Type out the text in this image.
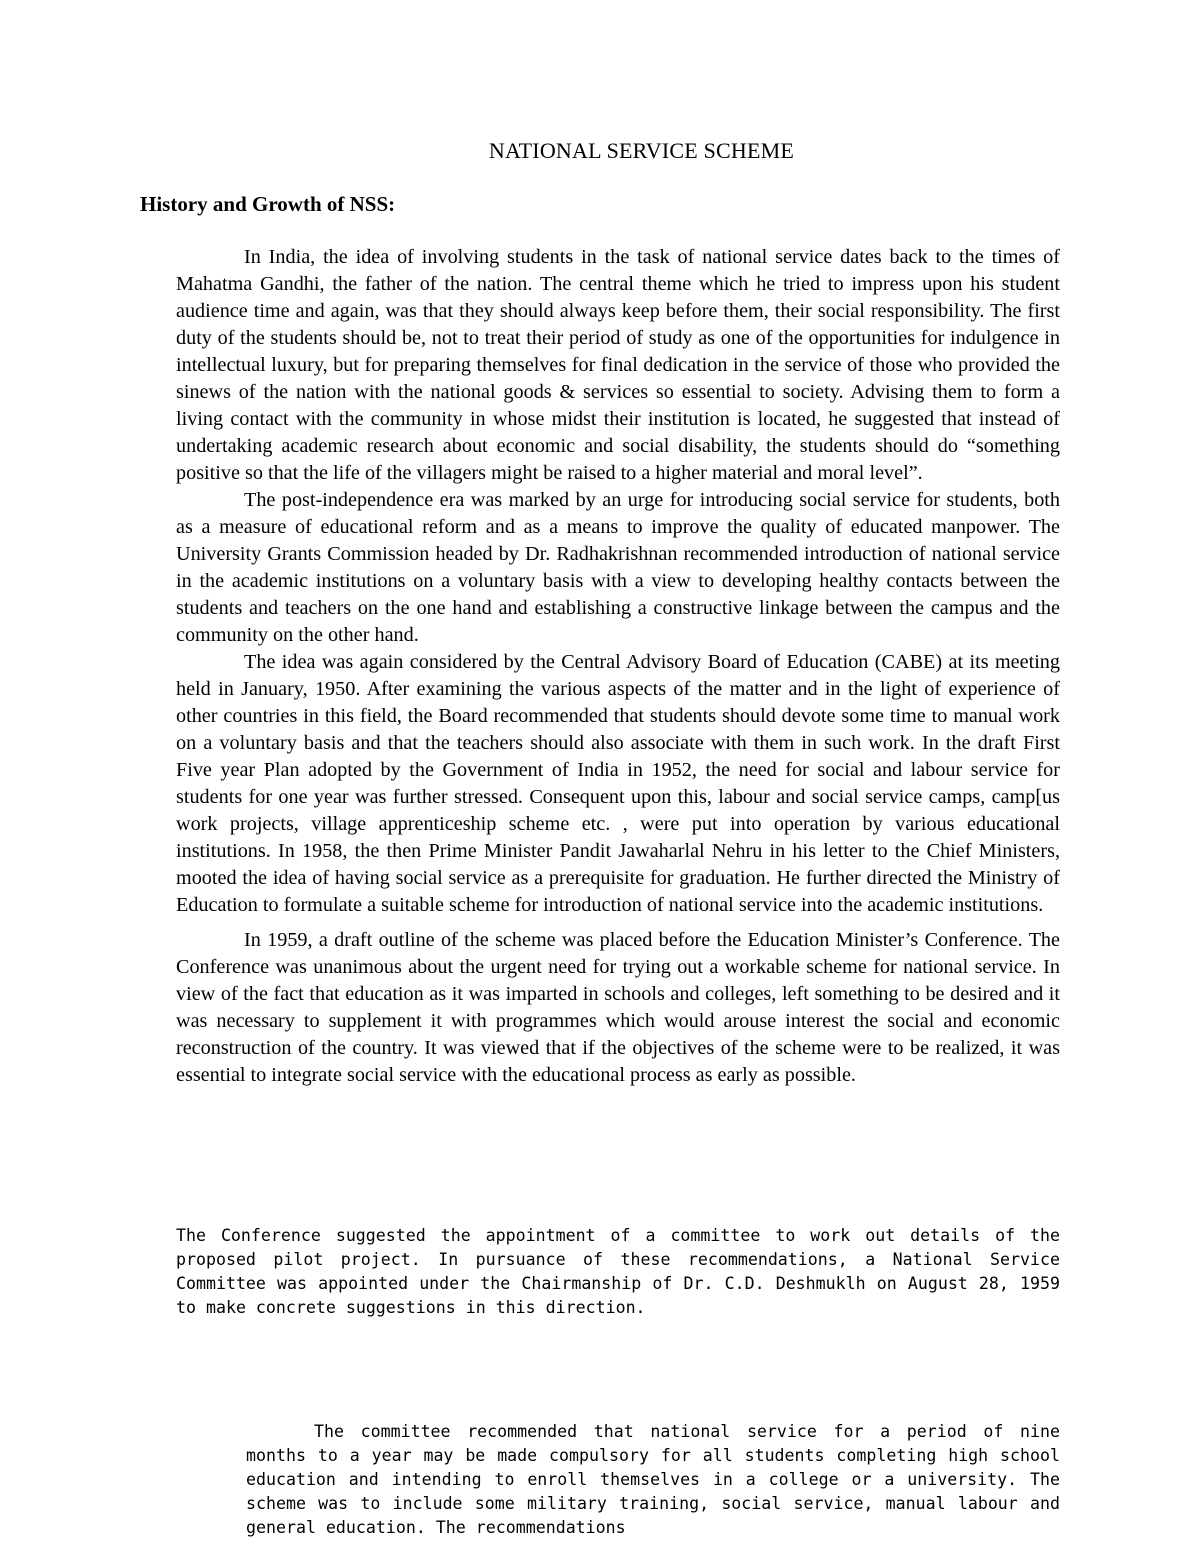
NATIONAL SERVICE SCHEME
History and Growth of NSS:

In India, the idea of involving students in the task of national service dates back to the times of Mahatma Gandhi, the father of the nation. The central theme which he tried to impress upon his student audience time and again, was that they should always keep before them, their social responsibility. The first duty of the students should be, not to treat their period of study as one of the opportunities for indulgence in intellectual luxury, but for preparing themselves for final dedication in the service of those who provided the sinews of the nation with the national goods & services so essential to society. Advising them to form a living contact with the community in whose midst their institution is located, he suggested that instead of undertaking academic research about economic and social disability, the students should do “something positive so that the life of the villagers might be raised to a higher material and moral level”.

The post-independence era was marked by an urge for introducing social service for students, both as a measure of educational reform and as a means to improve the quality of educated manpower. The University Grants Commission headed by Dr. Radhakrishnan recommended introduction of national service in the academic institutions on a voluntary basis with a view to developing healthy contacts between the students and teachers on the one hand and establishing a constructive linkage between the campus and the community on the other hand.

The idea was again considered by the Central Advisory Board of Education (CABE) at its meeting held in January, 1950. After examining the various aspects of the matter and in the light of experience of other countries in this field, the Board recommended that students should devote some time to manual work on a voluntary basis and that the teachers should also associate with them in such work. In the draft First Five year Plan adopted by the Government of India in 1952, the need for social and labour service for students for one year was further stressed. Consequent upon this, labour and social service camps, camp[us work projects, village apprenticeship scheme etc. , were put into operation by various educational institutions. In 1958, the then Prime Minister Pandit Jawaharlal Nehru in his letter to the Chief Ministers, mooted the idea of having social service as a prerequisite for graduation. He further directed the Ministry of Education to formulate a suitable scheme for introduction of national service into the academic institutions.

In 1959, a draft outline of the scheme was placed before the Education Minister’s Conference. The Conference was unanimous about the urgent need for trying out a workable scheme for national service. In view of the fact that education as it was imparted in schools and colleges, left something to be desired and it was necessary to supplement it with programmes which would arouse interest the social and economic reconstruction of the country. It was viewed that if the objectives of the scheme were to be realized, it was essential to integrate social service with the educational process as early as possible.

The Conference suggested the appointment of a committee to work out details of the proposed pilot project. In pursuance of these recommendations, a National Service Committee was appointed under the Chairmanship of Dr. C.D. Deshmuklh on August 28, 1959 to make concrete suggestions in this direction.

The committee recommended that national service for a period of nine months to a year may be made compulsory for all students completing high school education and intending to enroll themselves in a college or a university. The scheme was to include some military training, social service, manual labour and general education. The recommendations
